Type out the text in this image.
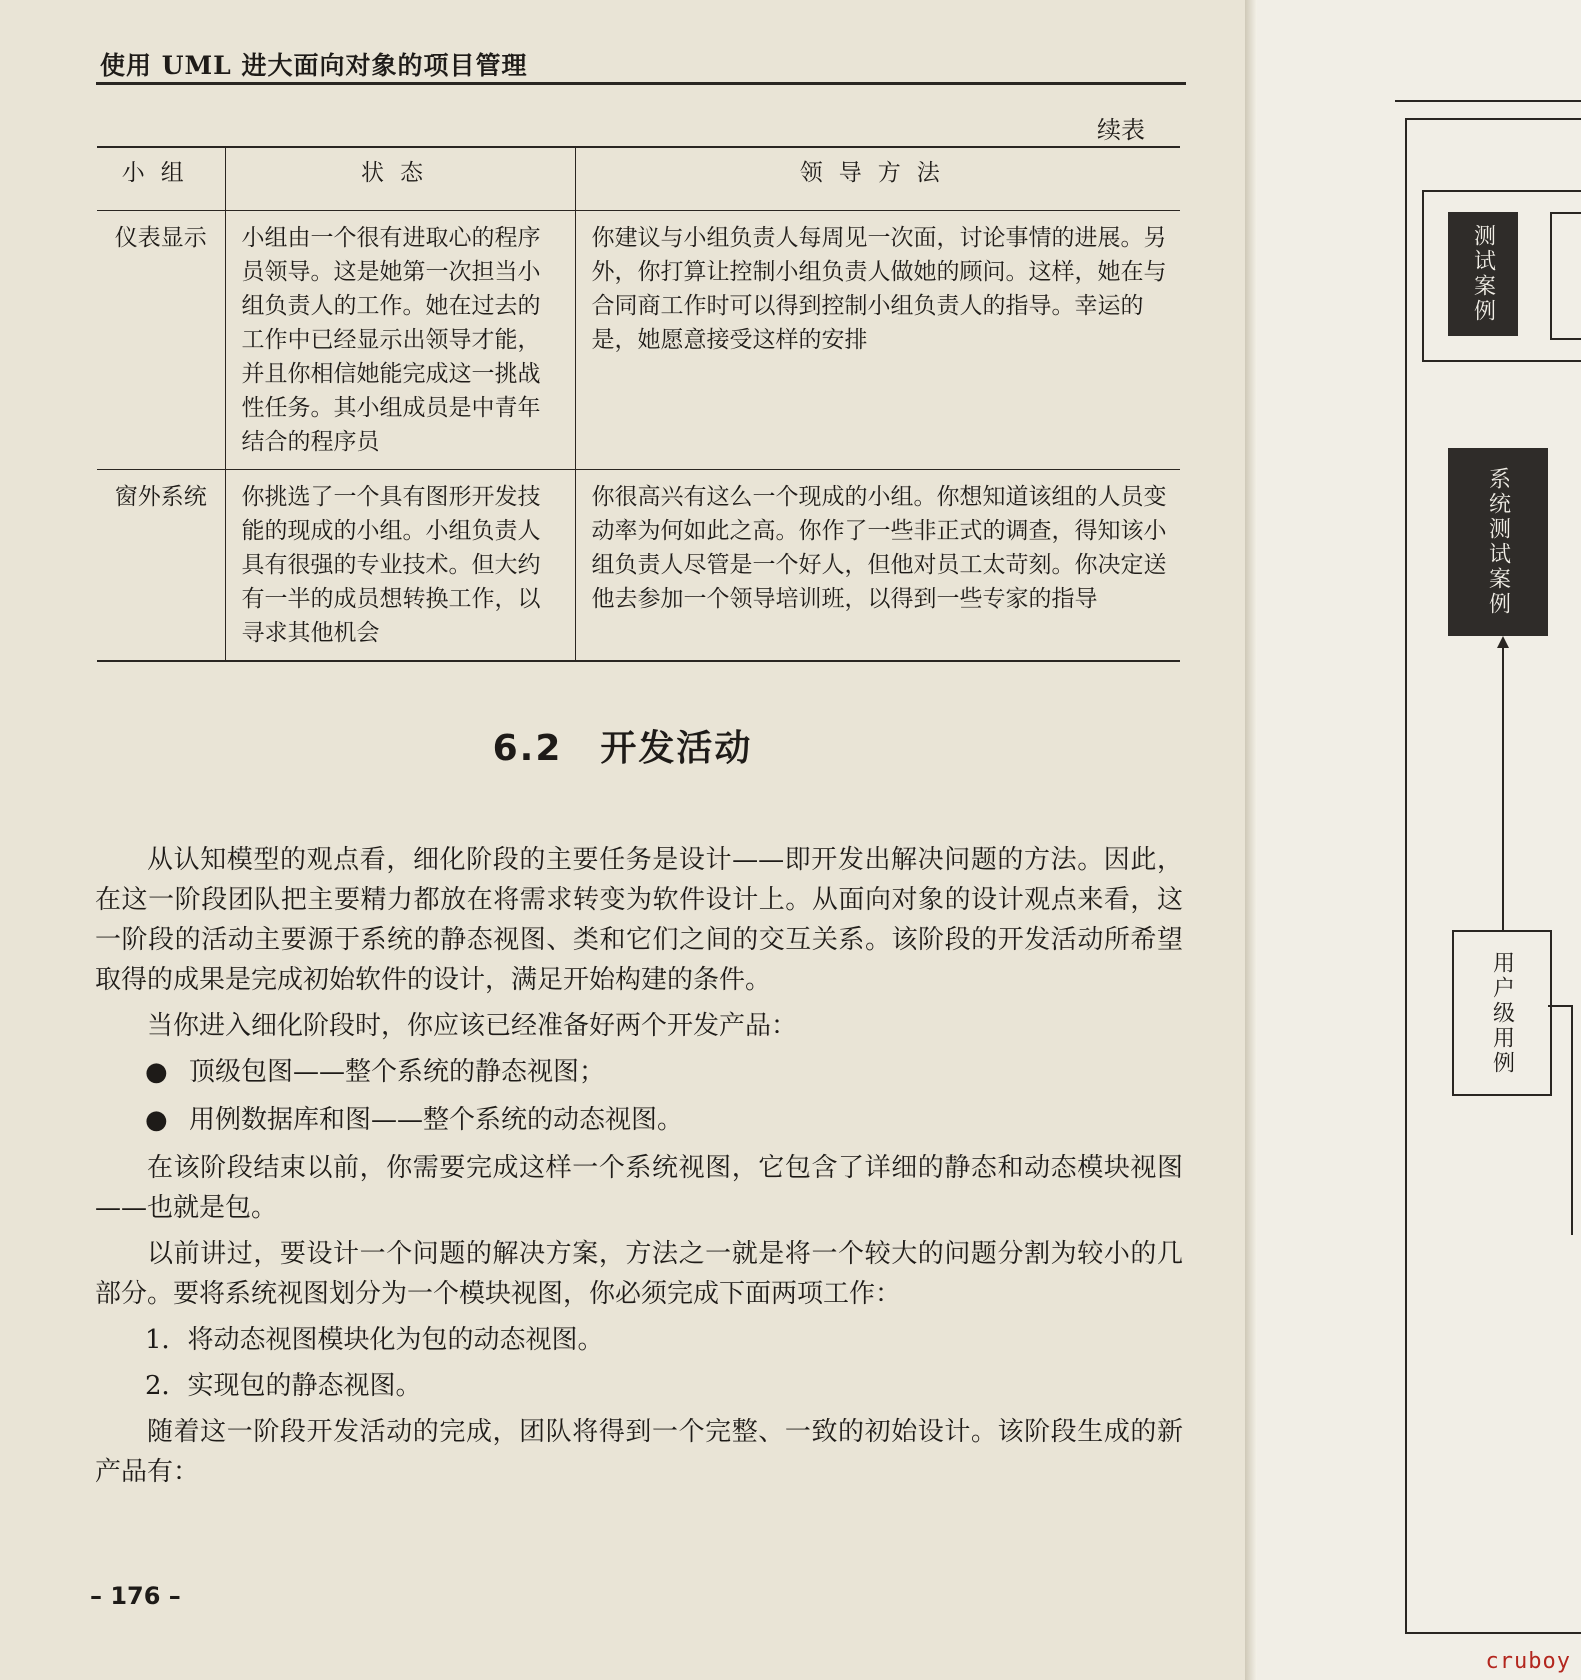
使用 UML 进大面向对象的项目管理
续表
小组	状态	领导方法
仪表显示	小组由一个很有进取心的程序员领导。这是她第一次担当小组负责人的工作。她在过去的工作中已经显示出领导才能，并且你相信她能完成这一挑战性任务。其小组成员是中青年结合的程序员	你建议与小组负责人每周见一次面，讨论事情的进展。另外，你打算让控制小组负责人做她的顾问。这样，她在与合同商工作时可以得到控制小组负责人的指导。幸运的是，她愿意接受这样的安排
窗外系统	你挑选了一个具有图形开发技能的现成的小组。小组负责人具有很强的专业技术。但大约有一半的成员想转换工作，以寻求其他机会	你很高兴有这么一个现成的小组。你想知道该组的人员变动率为何如此之高。你作了一些非正式的调查，得知该小组负责人尽管是一个好人，但他对员工太苛刻。你决定送他去参加一个领导培训班，以得到一些专家的指导
6.2　开发活动

从认知模型的观点看，细化阶段的主要任务是设计——即开发出解决问题的方法。因此，在这一阶段团队把主要精力都放在将需求转变为软件设计上。从面向对象的设计观点来看，这一阶段的活动主要源于系统的静态视图、类和它们之间的交互关系。该阶段的开发活动所希望取得的成果是完成初始软件的设计，满足开始构建的条件。

当你进入细化阶段时，你应该已经准备好两个开发产品：

● 顶级包图——整个系统的静态视图；

● 用例数据库和图——整个系统的动态视图。

在该阶段结束以前，你需要完成这样一个系统视图，它包含了详细的静态和动态模块视图——也就是包。

以前讲过，要设计一个问题的解决方案，方法之一就是将一个较大的问题分割为较小的几部分。要将系统视图划分为一个模块视图，你必须完成下面两项工作：

1．将动态视图模块化为包的动态视图。

2．实现包的静态视图。

随着这一阶段开发活动的完成，团队将得到一个完整、一致的初始设计。该阶段生成的新产品有：

– 176 –
测试案例
系统测试案例
用户级用例
cruboy
